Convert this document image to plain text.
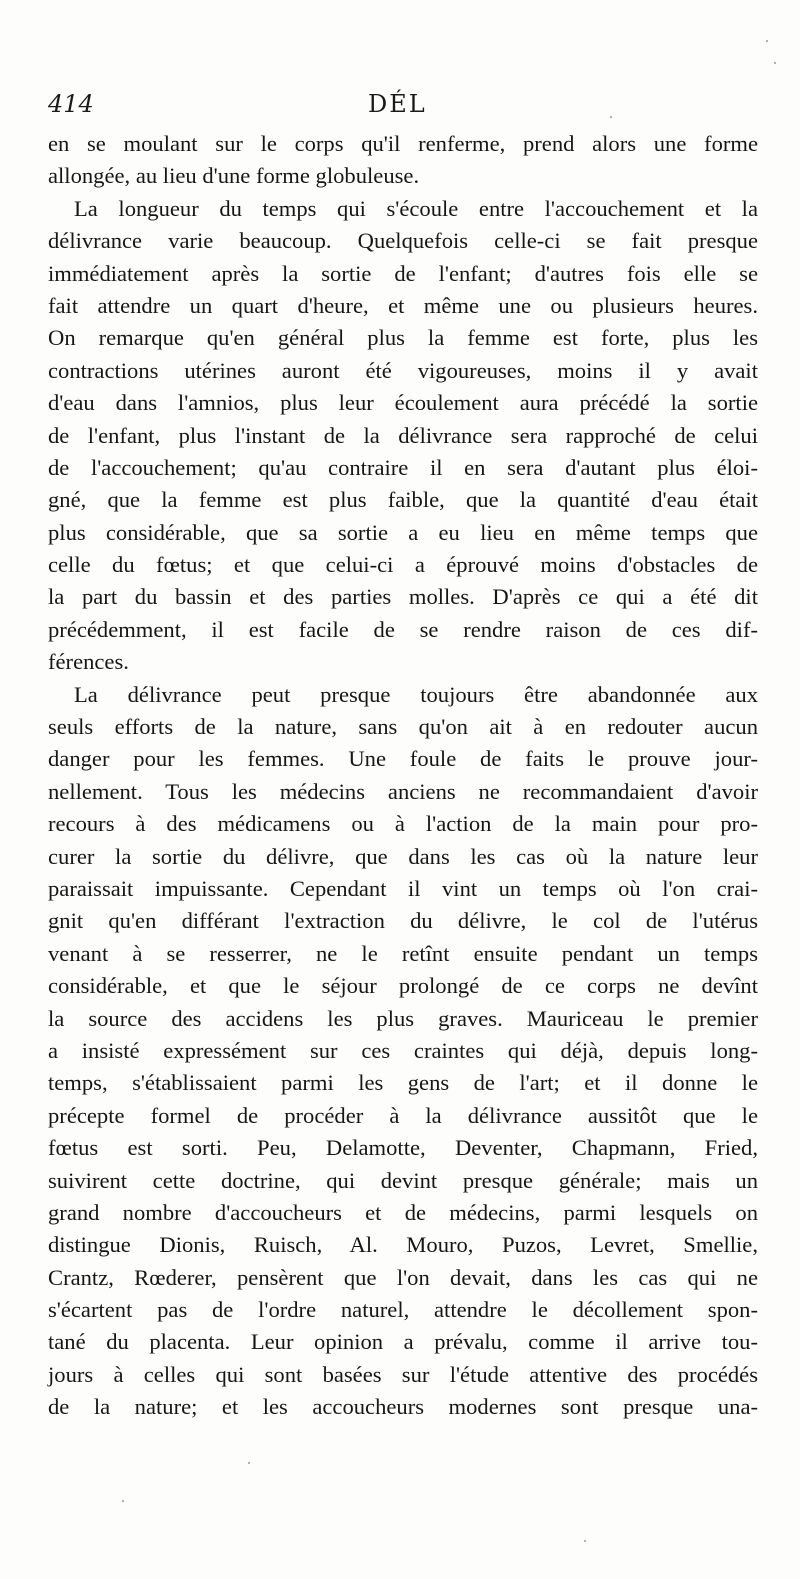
414	DÉL
en se moulant sur le corps qu'il renferme, prend alors une forme
allongée, au lieu d'une forme globuleuse.
La longueur du temps qui s'écoule entre l'accouchement et la
délivrance varie beaucoup. Quelquefois celle-ci se fait presque
immédiatement après la sortie de l'enfant; d'autres fois elle se
fait attendre un quart d'heure, et même une ou plusieurs heures.
On remarque qu'en général plus la femme est forte, plus les
contractions utérines auront été vigoureuses, moins il y avait
d'eau dans l'amnios, plus leur écoulement aura précédé la sortie
de l'enfant, plus l'instant de la délivrance sera rapproché de celui
de l'accouchement; qu'au contraire il en sera d'autant plus éloi-
gné, que la femme est plus faible, que la quantité d'eau était
plus considérable, que sa sortie a eu lieu en même temps que
celle du fœtus; et que celui-ci a éprouvé moins d'obstacles de
la part du bassin et des parties molles. D'après ce qui a été dit
précédemment, il est facile de se rendre raison de ces dif-
férences.
La délivrance peut presque toujours être abandonnée aux
seuls efforts de la nature, sans qu'on ait à en redouter aucun
danger pour les femmes. Une foule de faits le prouve jour-
nellement. Tous les médecins anciens ne recommandaient d'avoir
recours à des médicamens ou à l'action de la main pour pro-
curer la sortie du délivre, que dans les cas où la nature leur
paraissait impuissante. Cependant il vint un temps où l'on crai-
gnit qu'en différant l'extraction du délivre, le col de l'utérus
venant à se resserrer, ne le retînt ensuite pendant un temps
considérable, et que le séjour prolongé de ce corps ne devînt
la source des accidens les plus graves. Mauriceau le premier
a insisté expressément sur ces craintes qui déjà, depuis long-
temps, s'établissaient parmi les gens de l'art; et il donne le
précepte formel de procéder à la délivrance aussitôt que le
fœtus est sorti. Peu, Delamotte, Deventer, Chapmann, Fried,
suivirent cette doctrine, qui devint presque générale; mais un
grand nombre d'accoucheurs et de médecins, parmi lesquels on
distingue Dionis, Ruisch, Al. Mouro, Puzos, Levret, Smellie,
Crantz, Rœderer, pensèrent que l'on devait, dans les cas qui ne
s'écartent pas de l'ordre naturel, attendre le décollement spon-
tané du placenta. Leur opinion a prévalu, comme il arrive tou-
jours à celles qui sont basées sur l'étude attentive des procédés
de la nature; et les accoucheurs modernes sont presque una-
